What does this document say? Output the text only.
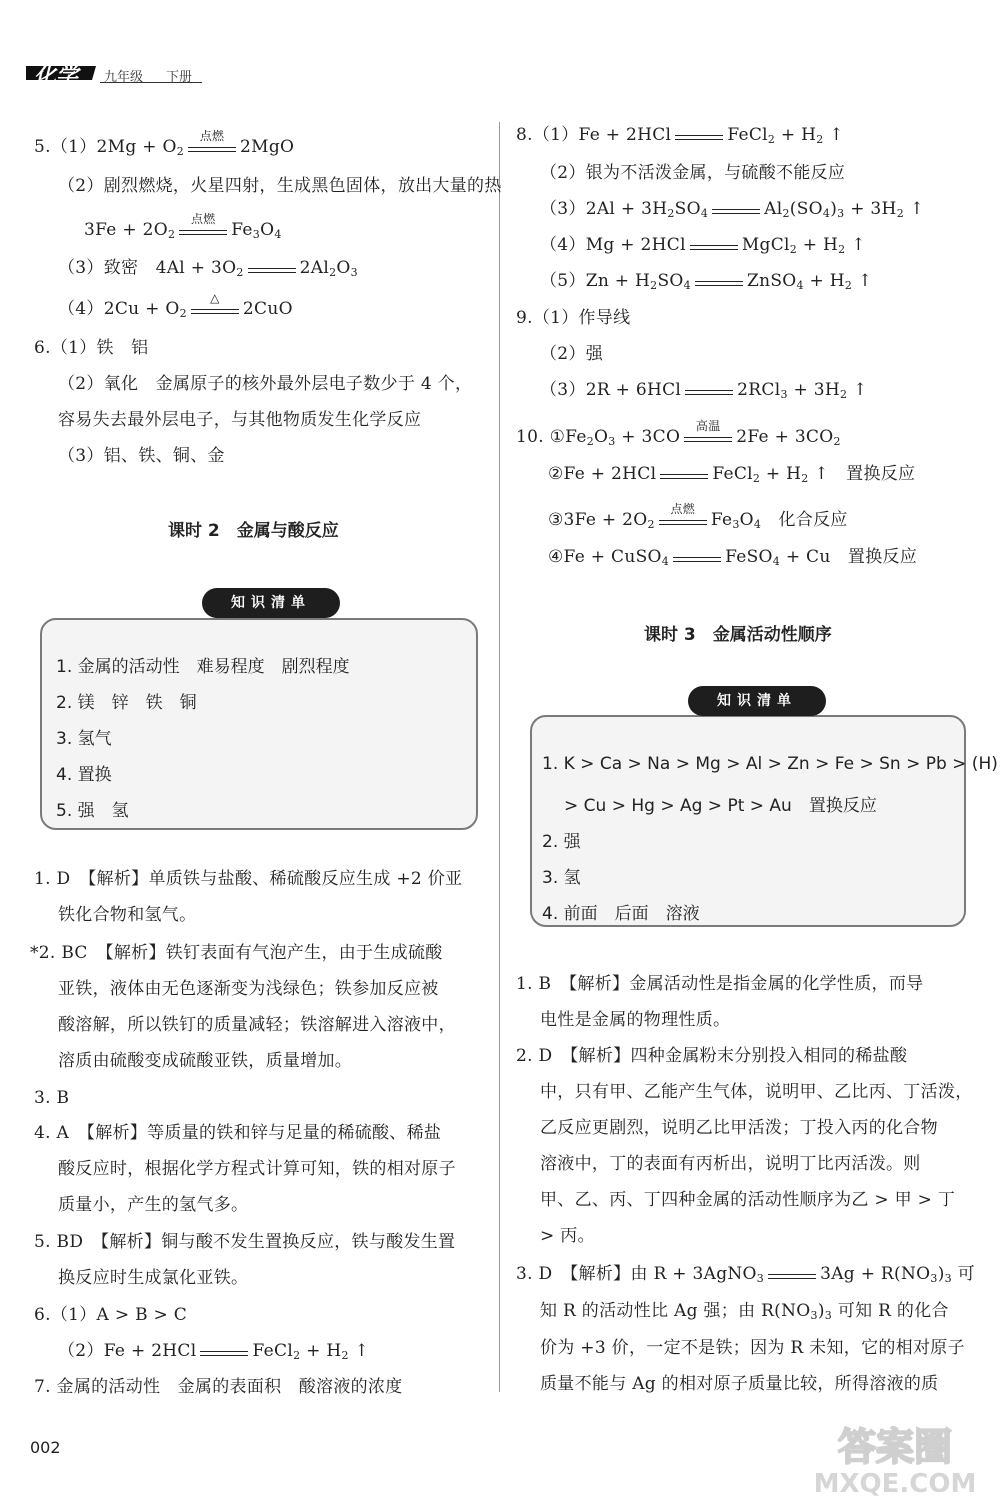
化学 九年级 下册
$5.(1)2Mg + O_2$
点燃
2MgO
（2）剧烈燃烧，火星四射，生成黑色固体，放出大量的热
$3Fe + 2O_2$
点燃
$Fe_3O_4$
（3）致密　$4Al + 3O_2$	$2Al_2O_3$
$(4)2Cu + O_2$
△
2CuO
6.（1）铁　铝
（2）氧化　金属原子的核外最外层电子数少于 4 个，
容易失去最外层电子，与其他物质发生化学反应
（3）铝、铁、铜、金
课时 2　金属与酸反应
知识清单
1. 金属的活动性　难易程度　剧烈程度
2. 镁　锌　铁　铜
3. 氢气
4. 置换
5. 强　氢
1. D　【解析】单质铁与盐酸、稀硫酸反应生成 +2 价亚
铁化合物和氢气。
*2. BC　【解析】铁钉表面有气泡产生，由于生成硫酸
亚铁，液体由无色逐渐变为浅绿色；铁参加反应被
酸溶解，所以铁钉的质量减轻；铁溶解进入溶液中，
溶质由硫酸变成硫酸亚铁，质量增加。
3. B
4. A　【解析】等质量的铁和锌与足量的稀硫酸、稀盐
酸反应时，根据化学方程式计算可知，铁的相对原子
质量小，产生的氢气多。
5. BD　【解析】铜与酸不发生置换反应，铁与酸发生置
换反应时生成氯化亚铁。
6.（1）A > B > C
（2）Fe + 2HCl	FeCl$_2$ + $H_2$ ↑
7. 金属的活动性　金属的表面积　酸溶液的浓度
8.（1）Fe + 2HCl	FeCl$_2$ + $H_2$ ↑
（2）银为不活泼金属，与硫酸不能反应
$(3)2Al + 3H_2SO_4$	$Al_2(SO_4)_3 + 3H_2$ ↑
（4）Mg + 2HCl	MgCl$_2$ + $H_2$ ↑
$(5)Zn + H_2SO_4$	ZnSO$_4$ + $H_2$ ↑
9.（1）作导线
（2）强
（3）2R + 6HCl	$2RCl_3 + 3H_2$ ↑
10. $①Fe_2O_3 + 3CO$
高温
$2Fe + 3CO_2$
②Fe + 2HCl	FeCl$_2$ + $H_2$ ↑　置换反应
③3Fe + $2O_2$
点燃
$Fe_3O_4$　化合反应
④Fe + CuSO$_4$	FeSO$_4$ + Cu　置换反应
课时 3　金属活动性顺序
知识清单
1. K > Ca > Na > Mg > Al > Zn > Fe > Sn > Pb > (H)
> Cu > Hg > Ag > Pt > Au　置换反应
2. 强
3. 氢
4. 前面　后面　溶液
1. B　【解析】金属活动性是指金属的化学性质，而导
电性是金属的物理性质。
2. D　【解析】四种金属粉末分别投入相同的稀盐酸
中，只有甲、乙能产生气体，说明甲、乙比丙、丁活泼，
乙反应更剧烈，说明乙比甲活泼；丁投入丙的化合物
溶液中，丁的表面有丙析出，说明丁比丙活泼。则
甲、乙、丙、丁四种金属的活动性顺序为乙 > 甲 > 丁
> 丙。
3. D　【解析】由 R + 3AgNO$_3$	$3Ag + R(NO_3)_3$ 可
知 R 的活动性比 Ag 强；由 $R(NO_3)_3$ 可知 R 的化合
价为 +3 价，一定不是铁；因为 R 未知，它的相对原子
质量不能与 Ag 的相对原子质量比较，所得溶液的质
002	答案圈
MXQE.COM
